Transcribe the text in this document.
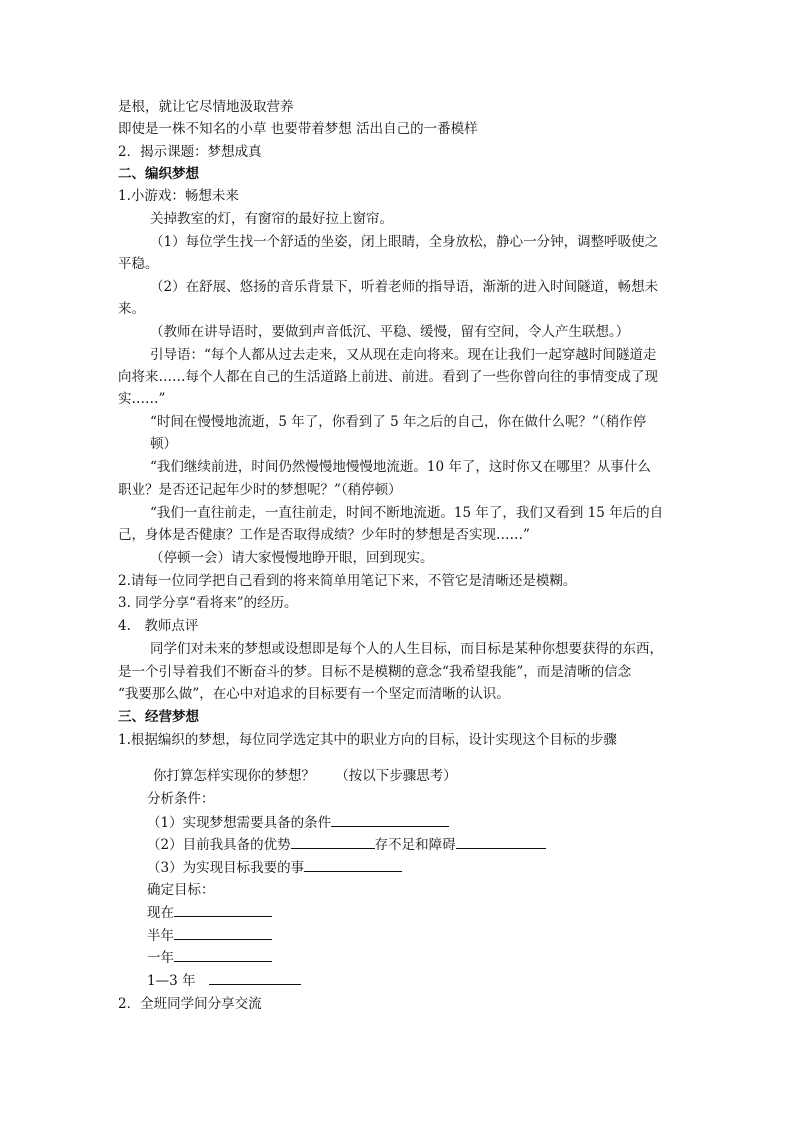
是根，就让它尽情地汲取营养
即使是一株不知名的小草 也要带着梦想 活出自己的一番模样
2．揭示课题：梦想成真
二、编织梦想
1.小游戏：畅想未来
关掉教室的灯，有窗帘的最好拉上窗帘。
（1）每位学生找一个舒适的坐姿，闭上眼睛，全身放松，静心一分钟，调整呼吸使之
平稳。
（2）在舒展、悠扬的音乐背景下，听着老师的指导语，渐渐的进入时间隧道，畅想未
来。
（教师在讲导语时，要做到声音低沉、平稳、缓慢，留有空间，令人产生联想。）
引导语：“每个人都从过去走来，又从现在走向将来。现在让我们一起穿越时间隧道走
向将来……每个人都在自己的生活道路上前进、前进。看到了一些你曾向往的事情变成了现
实……”
“时间在慢慢地流逝，5 年了，你看到了 5 年之后的自己，你在做什么呢？”（稍作停
顿）
“我们继续前进，时间仍然慢慢地慢慢地流逝。10 年了，这时你又在哪里？从事什么
职业？是否还记起年少时的梦想呢？”（稍停顿）
“我们一直往前走，一直往前走，时间不断地流逝。15 年了，我们又看到 15 年后的自
己，身体是否健康？工作是否取得成绩？少年时的梦想是否实现……”
（停顿一会）请大家慢慢地睁开眼，回到现实。
2.请每一位同学把自己看到的将来简单用笔记下来，不管它是清晰还是模糊。
3. 同学分享“看将来”的经历。
4.　教师点评
同学们对未来的梦想或设想即是每个人的人生目标，而目标是某种你想要获得的东西，
是一个引导着我们不断奋斗的梦。目标不是模糊的意念“我希望我能”，而是清晰的信念
“我要那么做”，在心中对追求的目标要有一个坚定而清晰的认识。
三、经营梦想
1.根据编织的梦想，每位同学选定其中的职业方向的目标，设计实现这个目标的步骤
你打算怎样实现你的梦想？　　（按以下步骤思考）
分析条件：
（1）实现梦想需要具备的条件
（2）目前我具备的优势	存不足和障碍
（3）为实现目标我要的事
确定目标：
现在
半年
一年
1—3 年
2．全班同学间分享交流
